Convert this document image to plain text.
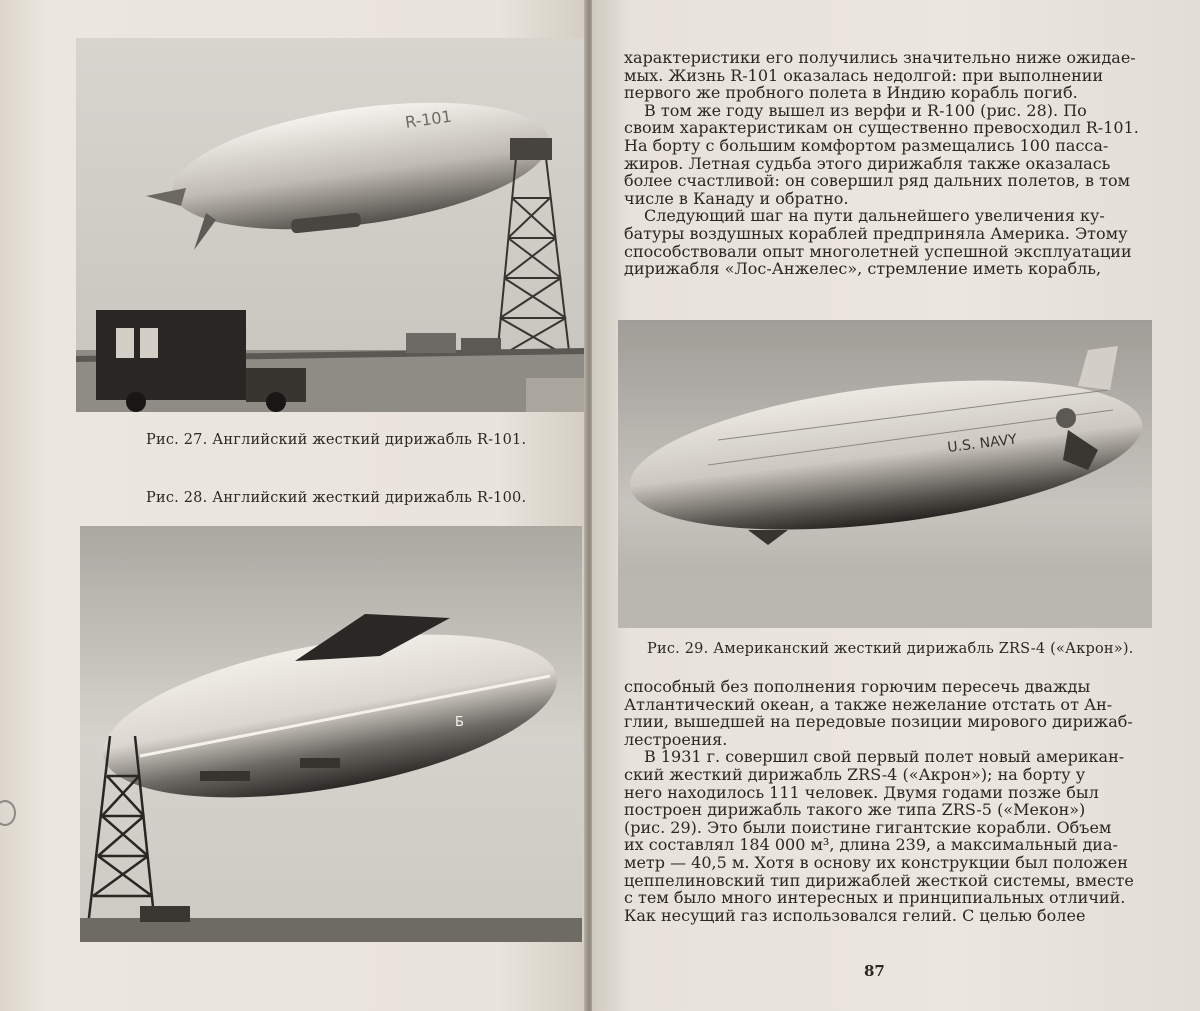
R-101
Рис. 27. Английский жесткий дирижабль R-101.
Рис. 28. Английский жесткий дирижабль R-100.
Б

характеристики его получились значительно ниже ожидае-

мых. Жизнь R-101 оказалась недолгой: при выполнении

первого же пробного полета в Индию корабль погиб.

В том же году вышел из верфи и R-100 (рис. 28). По

своим характеристикам он существенно превосходил R-101.

На борту с большим комфортом размещались 100 пасса-

жиров. Летная судьба этого дирижабля также оказалась

более счастливой: он совершил ряд дальних полетов, в том

числе в Канаду и обратно.

Следующий шаг на пути дальнейшего увеличения ку-

батуры воздушных кораблей предприняла Америка. Этому

способствовали опыт многолетней успешной эксплуатации

дирижабля «Лос-Анжелес», стремление иметь корабль,

U.S. NAVY
Рис. 29. Американский жесткий дирижабль ZRS-4 («Акрон»).

способный без пополнения горючим пересечь дважды

Атлантический океан, а также нежелание отстать от Ан-

глии, вышедшей на передовые позиции мирового дирижаб-

лестроения.

В 1931 г. совершил свой первый полет новый американ-

ский жесткий дирижабль ZRS-4 («Акрон»); на борту у

него находилось 111 человек. Двумя годами позже был

построен дирижабль такого же типа ZRS-5 («Мекон»)

(рис. 29). Это были поистине гигантские корабли. Объем

их составлял 184 000 м³, длина 239, а максимальный диа-

метр — 40,5 м. Хотя в основу их конструкции был положен

цеппелиновский тип дирижаблей жесткой системы, вместе

с тем было много интересных и принципиальных отличий.

Как несущий газ использовался гелий. С целью более

87
